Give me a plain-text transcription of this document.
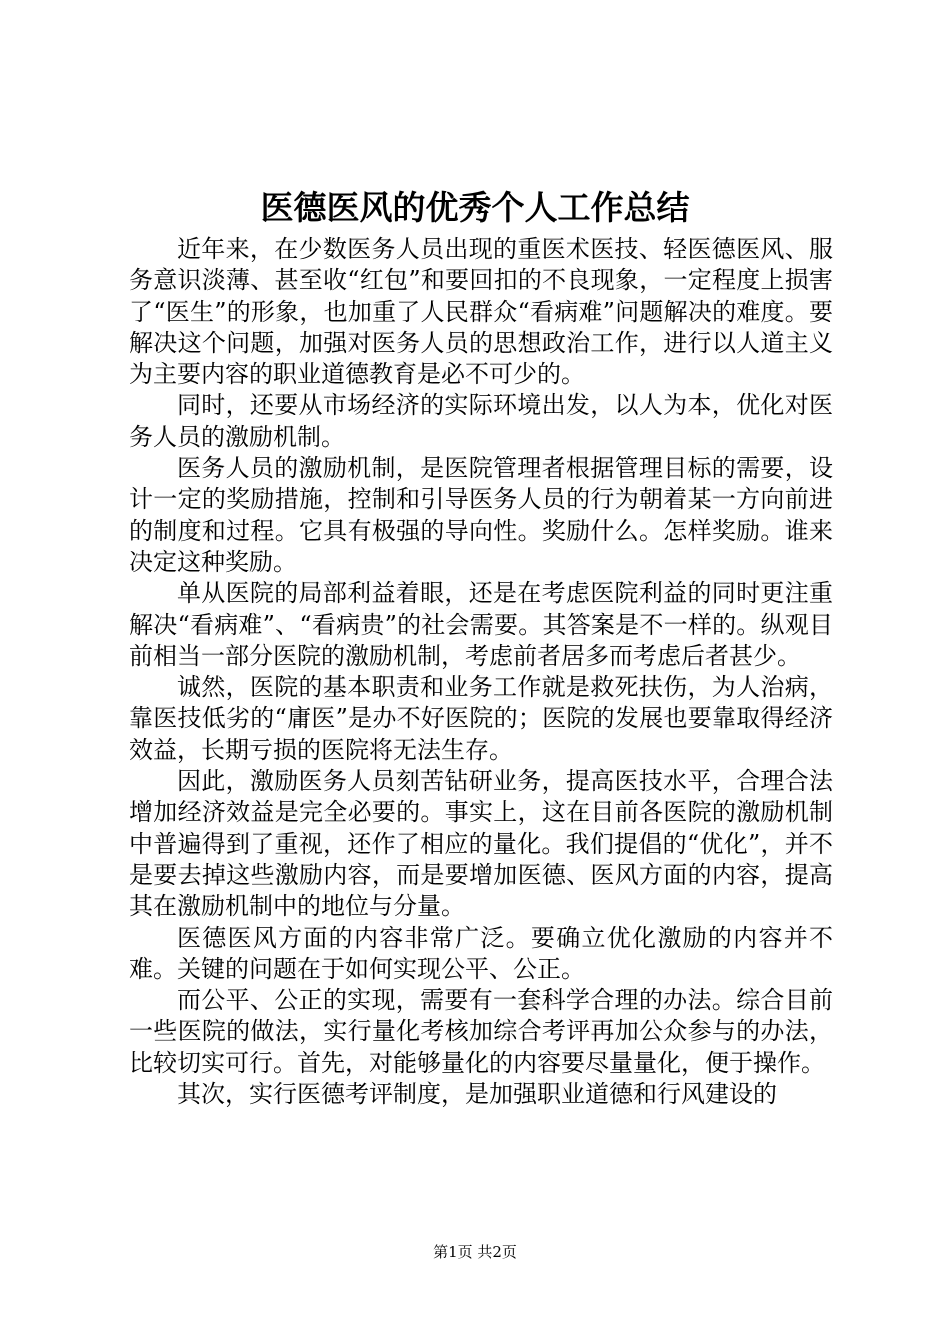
医德医风的优秀个人工作总结

近年来，在少数医务人员出现的重医术医技、轻医德医风、服务意识淡薄、甚至收“红包”和要回扣的不良现象，一定程度上损害了“医生”的形象，也加重了人民群众“看病难”问题解决的难度。要解决这个问题，加强对医务人员的思想政治工作，进行以人道主义为主要内容的职业道德教育是必不可少的。

同时，还要从市场经济的实际环境出发，以人为本，优化对医务人员的激励机制。

医务人员的激励机制，是医院管理者根据管理目标的需要，设计一定的奖励措施，控制和引导医务人员的行为朝着某一方向前进的制度和过程。它具有极强的导向性。奖励什么。怎样奖励。谁来决定这种奖励。

单从医院的局部利益着眼，还是在考虑医院利益的同时更注重解决“看病难”、“看病贵”的社会需要。其答案是不一样的。纵观目前相当一部分医院的激励机制，考虑前者居多而考虑后者甚少。

诚然，医院的基本职责和业务工作就是救死扶伤，为人治病，靠医技低劣的“庸医”是办不好医院的；医院的发展也要靠取得经济效益，长期亏损的医院将无法生存。

因此，激励医务人员刻苦钻研业务，提高医技水平，合理合法增加经济效益是完全必要的。事实上，这在目前各医院的激励机制中普遍得到了重视，还作了相应的量化。我们提倡的“优化”，并不是要去掉这些激励内容，而是要增加医德、医风方面的内容，提高其在激励机制中的地位与分量。

医德医风方面的内容非常广泛。要确立优化激励的内容并不难。关键的问题在于如何实现公平、公正。

而公平、公正的实现，需要有一套科学合理的办法。综合目前一些医院的做法，实行量化考核加综合考评再加公众参与的办法，比较切实可行。首先，对能够量化的内容要尽量量化，便于操作。

其次，实行医德考评制度，是加强职业道德和行风建设的

第1页 共2页
